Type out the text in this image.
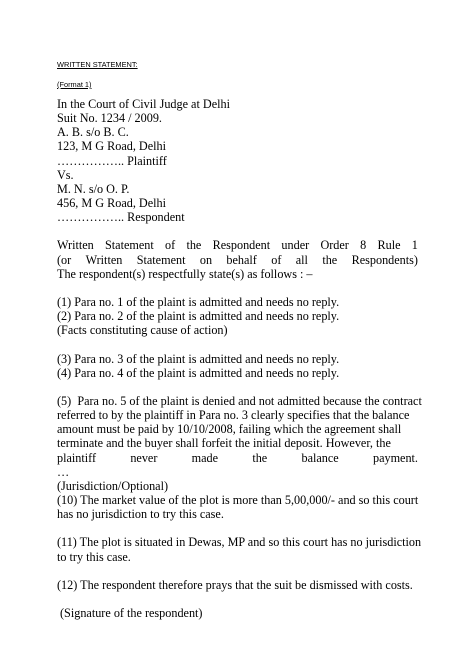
WRITTEN STATEMENT:
(Format 1)
In the Court of Civil Judge at Delhi
Suit No. 1234 / 2009.
A. B. s/o B. C.
123, M G Road, Delhi
…………….. Plaintiff
Vs.
M. N. s/o O. P.
456, M G Road, Delhi
…………….. Respondent
Written Statement of the Respondent under Order 8 Rule 1
(or Written Statement on behalf of all the Respondents)
The respondent(s) respectfully state(s) as follows : –
(1) Para no. 1 of the plaint is admitted and needs no reply.
(2) Para no. 2 of the plaint is admitted and needs no reply.
(Facts constituting cause of action)
(3) Para no. 3 of the plaint is admitted and needs no reply.
(4) Para no. 4 of the plaint is admitted and needs no reply.
(5) Para no. 5 of the plaint is denied and not admitted because the contract
referred to by the plaintiff in Para no. 3 clearly specifies that the balance
amount must be paid by 10/10/2008, failing which the agreement shall
terminate and the buyer shall forfeit the initial deposit. However, the
plaintiff	never	made	the	balance	payment.
…
(Jurisdiction/Optional)
(10) The market value of the plot is more than 5,00,000/- and so this court
has no jurisdiction to try this case.
(11) The plot is situated in Dewas, MP and so this court has no jurisdiction
to try this case.
(12) The respondent therefore prays that the suit be dismissed with costs.
(Signature of the respondent)
